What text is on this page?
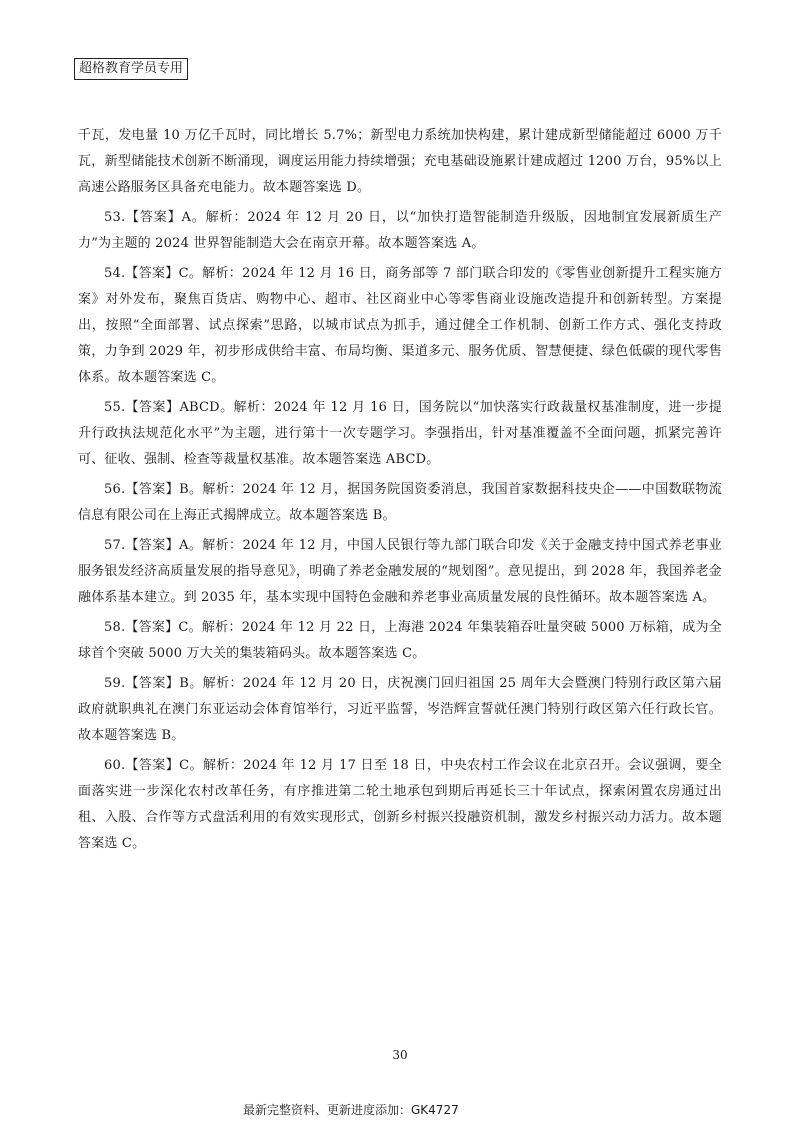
超格教育学员专用

千瓦，发电量 10 万亿千瓦时，同比增长 5.7%；新型电力系统加快构建，累计建成新型储能超过 6000 万千瓦，新型储能技术创新不断涌现，调度运用能力持续增强；充电基础设施累计建成超过 1200 万台，95%以上高速公路服务区具备充电能力。故本题答案选 D。

53.【答案】A。解析：2024 年 12 月 20 日，以“加快打造智能制造升级版，因地制宜发展新质生产力”为主题的 2024 世界智能制造大会在南京开幕。故本题答案选 A。

54.【答案】C。解析：2024 年 12 月 16 日，商务部等 7 部门联合印发的《零售业创新提升工程实施方案》对外发布，聚焦百货店、购物中心、超市、社区商业中心等零售商业设施改造提升和创新转型。方案提出，按照“全面部署、试点探索”思路，以城市试点为抓手，通过健全工作机制、创新工作方式、强化支持政策，力争到 2029 年，初步形成供给丰富、布局均衡、渠道多元、服务优质、智慧便捷、绿色低碳的现代零售体系。故本题答案选 C。

55.【答案】ABCD。解析：2024 年 12 月 16 日，国务院以“加快落实行政裁量权基准制度，进一步提升行政执法规范化水平”为主题，进行第十一次专题学习。李强指出，针对基准覆盖不全面问题，抓紧完善许可、征收、强制、检查等裁量权基准。故本题答案选 ABCD。

56.【答案】B。解析：2024 年 12 月，据国务院国资委消息，我国首家数据科技央企——中国数联物流信息有限公司在上海正式揭牌成立。故本题答案选 B。

57.【答案】A。解析：2024 年 12 月，中国人民银行等九部门联合印发《关于金融支持中国式养老事业 服务银发经济高质量发展的指导意见》，明确了养老金融发展的“规划图”。意见提出，到 2028 年，我国养老金融体系基本建立。到 2035 年，基本实现中国特色金融和养老事业高质量发展的良性循环。故本题答案选 A。

58.【答案】C。解析：2024 年 12 月 22 日，上海港 2024 年集装箱吞吐量突破 5000 万标箱，成为全球首个突破 5000 万大关的集装箱码头。故本题答案选 C。

59.【答案】B。解析：2024 年 12 月 20 日，庆祝澳门回归祖国 25 周年大会暨澳门特别行政区第六届政府就职典礼在澳门东亚运动会体育馆举行，习近平监誓，岑浩辉宣誓就任澳门特别行政区第六任行政长官。故本题答案选 B。

60.【答案】C。解析：2024 年 12 月 17 日至 18 日，中央农村工作会议在北京召开。会议强调，要全面落实进一步深化农村改革任务，有序推进第二轮土地承包到期后再延长三十年试点，探索闲置农房通过出租、入股、合作等方式盘活利用的有效实现形式，创新乡村振兴投融资机制，激发乡村振兴动力活力。故本题答案选 C。

30
最新完整资料、更新进度添加：GK4727
